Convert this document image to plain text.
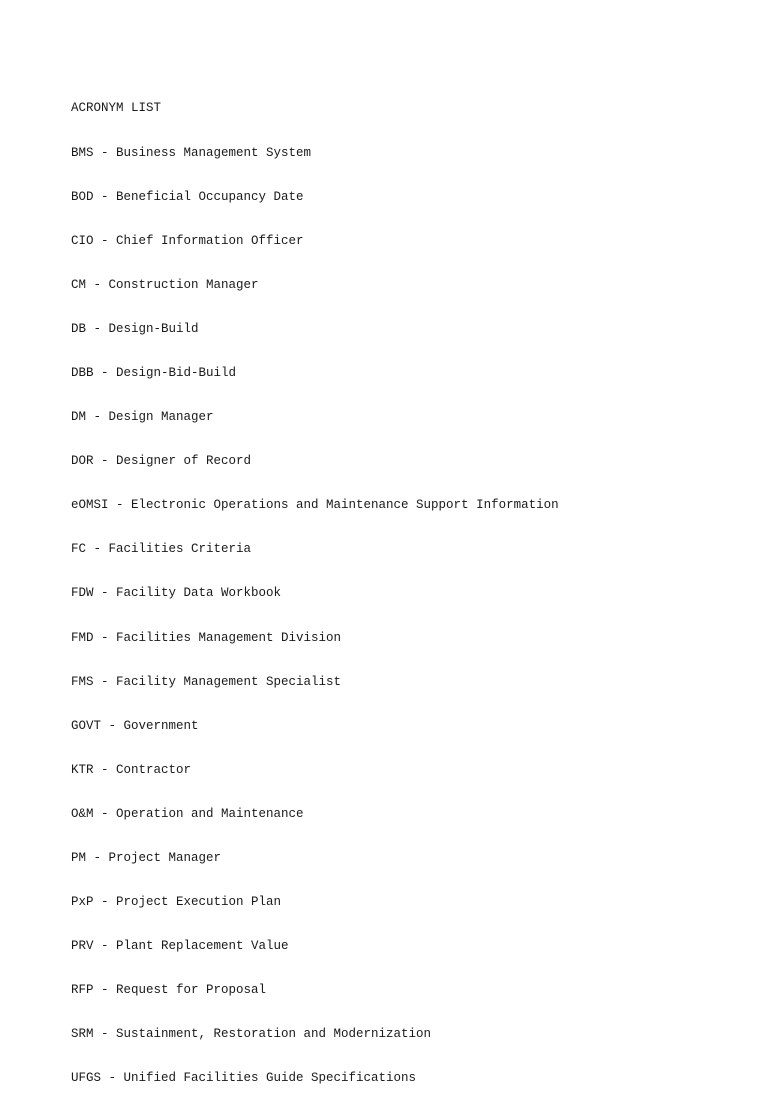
ACRONYM LIST

BMS - Business Management System

BOD - Beneficial Occupancy Date

CIO - Chief Information Officer

CM - Construction Manager

DB - Design-Build

DBB - Design-Bid-Build

DM - Design Manager

DOR - Designer of Record

eOMSI - Electronic Operations and Maintenance Support Information

FC - Facilities Criteria

FDW - Facility Data Workbook

FMD - Facilities Management Division

FMS - Facility Management Specialist

GOVT - Government

KTR - Contractor

O&M - Operation and Maintenance

PM - Project Manager

PxP - Project Execution Plan

PRV - Plant Replacement Value

RFP - Request for Proposal

SRM - Sustainment, Restoration and Modernization

UFGS - Unified Facilities Guide Specifications
